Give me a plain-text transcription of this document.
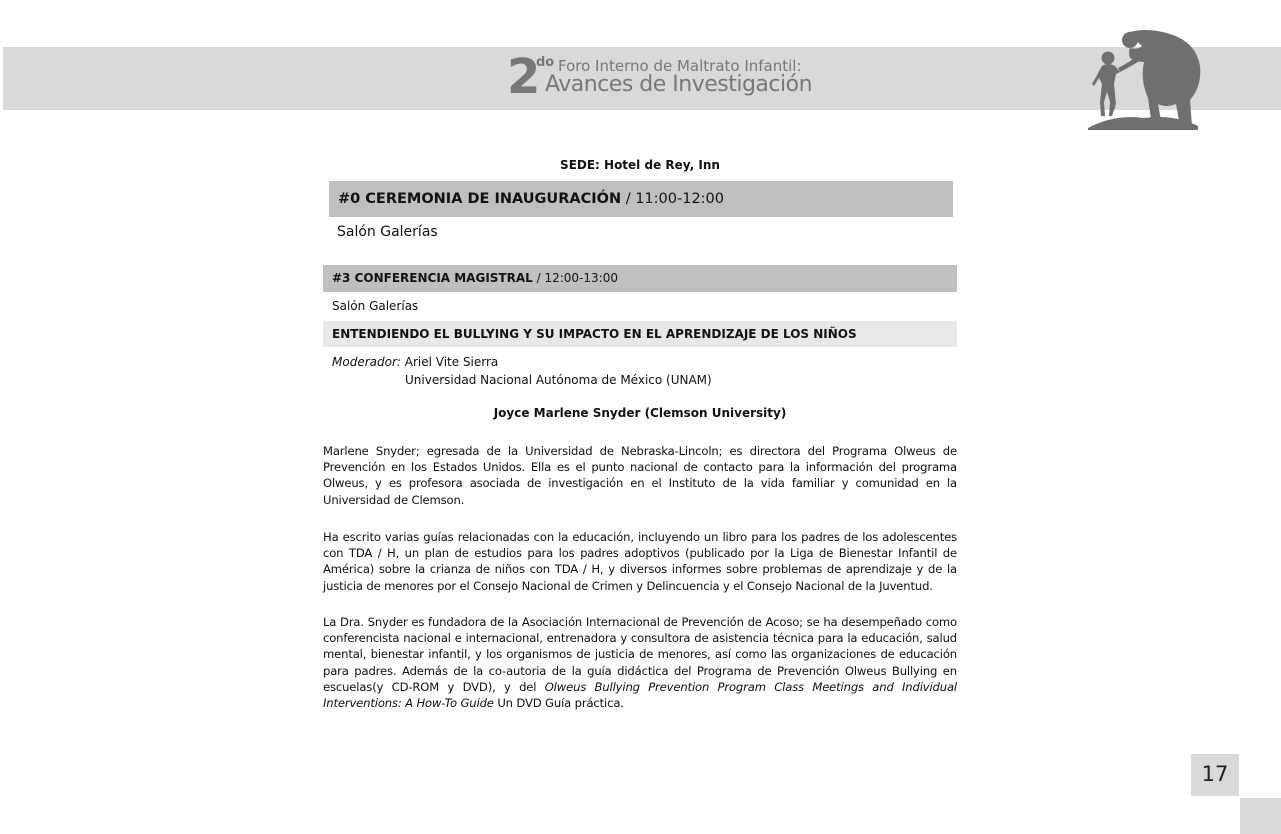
2
do Foro Interno de Maltrato Infantil:
Avances de Investigación
SEDE: Hotel de Rey, Inn
#0 CEREMONIA DE INAUGURACIÓN / 11:00-12:00
Salón Galerías
#3 CONFERENCIA MAGISTRAL / 12:00-13:00
Salón Galerías
ENTENDIENDO EL BULLYING Y SU IMPACTO EN EL APRENDIZAJE DE LOS NIÑOS
Moderador: Ariel Vite Sierra
Universidad Nacional Autónoma de México (UNAM)
Joyce Marlene Snyder (Clemson University)

Marlene Snyder; egresada de la Universidad de Nebraska-Lincoln; es directora del Programa Olweus de Prevención en los Estados Unidos. Ella es el punto nacional de contacto para la información del programa Olweus, y es profesora asociada de investigación en el Instituto de la vida familiar y comunidad en la Universidad de Clemson.

Ha escrito varias guías relacionadas con la educación, incluyendo un libro para los padres de los adolescentes con TDA / H, un plan de estudios para los padres adoptivos (publicado por la Liga de Bienestar Infantil de América) sobre la crianza de niños con TDA / H, y diversos informes sobre problemas de aprendizaje y de la justicia de menores por el Consejo Nacional de Crimen y Delincuencia y el Consejo Nacional de la Juventud.

La Dra. Snyder es fundadora de la Asociación Internacional de Prevención de Acoso; se ha desempeñado como conferencista nacional e internacional, entrenadora y consultora de asistencia técnica para la educación, salud mental, bienestar infantil, y los organismos de justicia de menores, así como las organizaciones de educación para padres. Además de la co-autoria de la guía didáctica del Programa de Prevención Olweus Bullying en escuelas(y CD-ROM y DVD), y del Olweus Bullying Prevention Program Class Meetings and Individual Interventions: A How-To Guide Un DVD Guía práctica.

17
